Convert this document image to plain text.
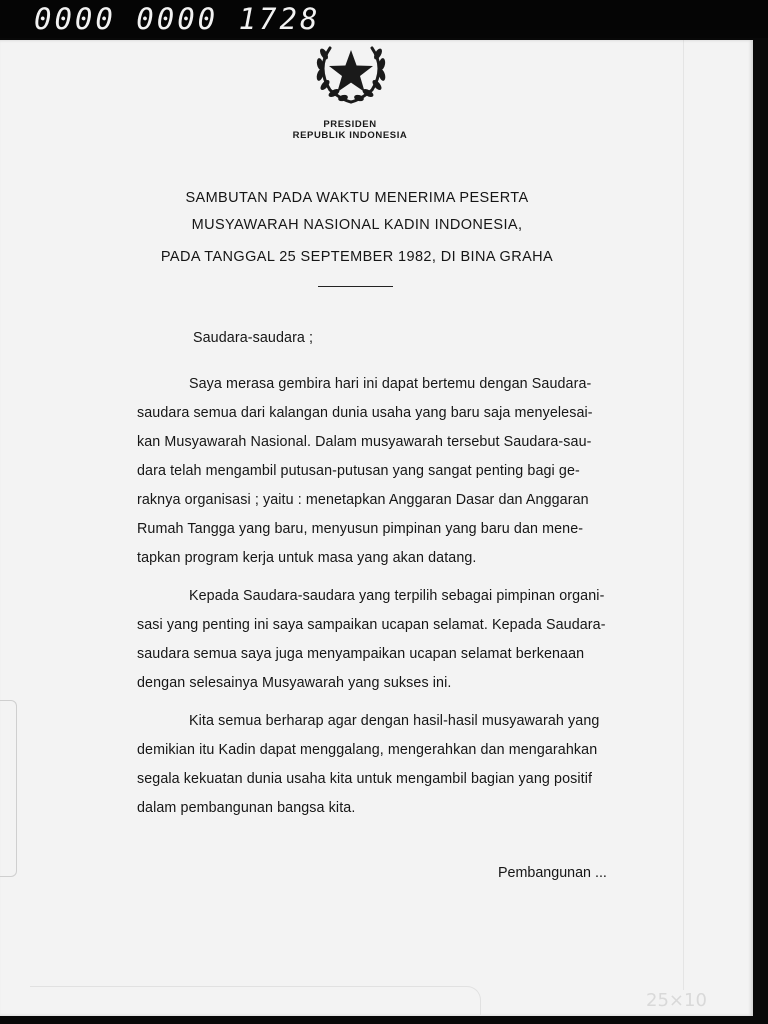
0000 0000 1728
25×10
PRESIDEN
REPUBLIK INDONESIA
SAMBUTAN PADA WAKTU MENERIMA PESERTA
MUSYAWARAH NASIONAL KADIN INDONESIA,
PADA TANGGAL 25 SEPTEMBER 1982, DI BINA GRAHA
Saudara-saudara ;
Saya merasa gembira hari ini dapat bertemu dengan Saudara-
saudara semua dari kalangan dunia usaha yang baru saja menyelesai-
kan Musyawarah Nasional. Dalam musyawarah tersebut Saudara-sau-
dara telah mengambil putusan-putusan yang sangat penting bagi ge-
raknya organisasi ; yaitu : menetapkan Anggaran Dasar dan Anggaran
Rumah Tangga yang baru, menyusun pimpinan yang baru dan mene-
tapkan program kerja untuk masa yang akan datang.
Kepada Saudara-saudara yang terpilih sebagai pimpinan organi-
sasi yang penting ini saya sampaikan ucapan selamat. Kepada Saudara-
saudara semua saya juga menyampaikan ucapan selamat berkenaan
dengan selesainya Musyawarah yang sukses ini.
Kita semua berharap agar dengan hasil-hasil musyawarah yang
demikian itu Kadin dapat menggalang, mengerahkan dan mengarahkan
segala kekuatan dunia usaha kita untuk mengambil bagian yang positif
dalam pembangunan bangsa kita.
Pembangunan ...
